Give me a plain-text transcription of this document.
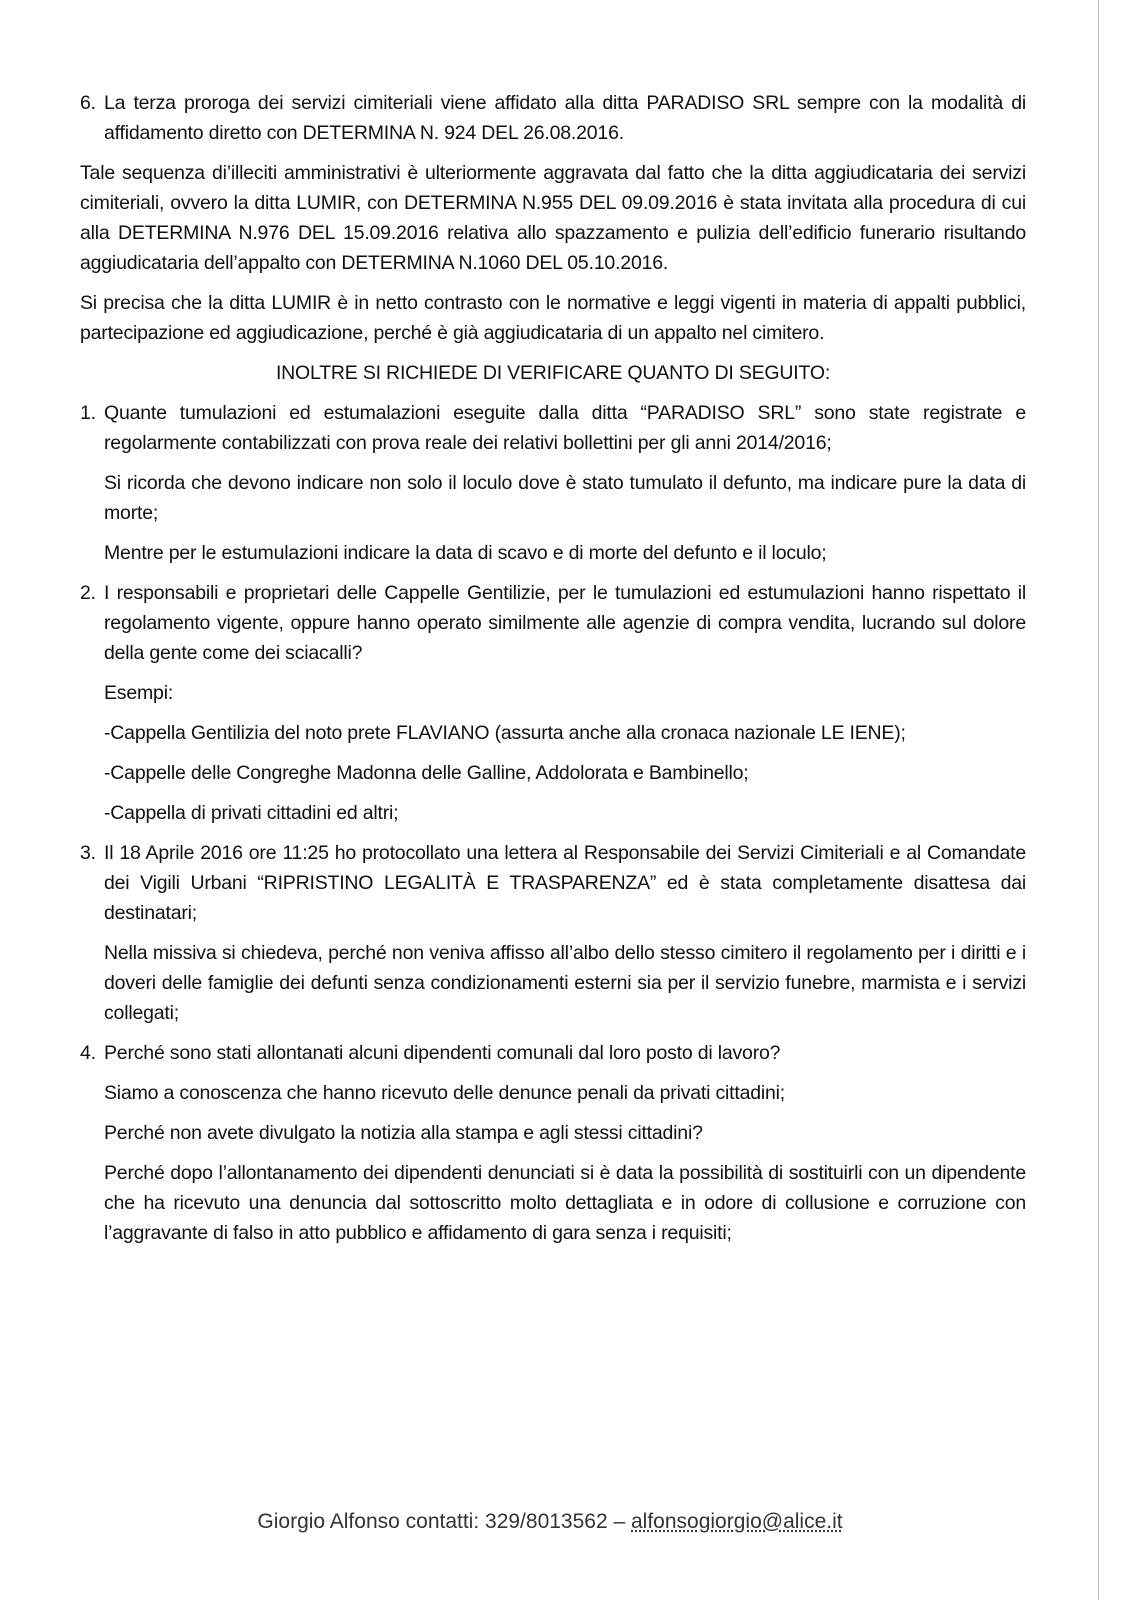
6. La terza proroga dei servizi cimiteriali viene affidato alla ditta PARADISO SRL sempre con la modalità di affidamento diretto con DETERMINA N. 924 DEL 26.08.2016.

Tale sequenza di’illeciti amministrativi è ulteriormente aggravata dal fatto che la ditta aggiudicataria dei servizi cimiteriali, ovvero la ditta LUMIR, con DETERMINA N.955 DEL 09.09.2016 è stata invitata alla procedura di cui alla DETERMINA N.976 DEL 15.09.2016 relativa allo spazzamento e pulizia dell’edificio funerario risultando aggiudicataria dell’appalto con DETERMINA N.1060 DEL 05.10.2016.

Si precisa che la ditta LUMIR è in netto contrasto con le normative e leggi vigenti in materia di appalti pubblici, partecipazione ed aggiudicazione, perché è già aggiudicataria di un appalto nel cimitero.

INOLTRE SI RICHIEDE DI VERIFICARE QUANTO DI SEGUITO:

1. Quante tumulazioni ed estumalazioni eseguite dalla ditta “PARADISO SRL” sono state registrate e regolarmente contabilizzati con prova reale dei relativi bollettini per gli anni 2014/2016;

Si ricorda che devono indicare non solo il loculo dove è stato tumulato il defunto, ma indicare pure la data di morte;

Mentre per le estumulazioni indicare la data di scavo e di morte del defunto e il loculo;

2. I responsabili e proprietari delle Cappelle Gentilizie, per le tumulazioni ed estumulazioni hanno rispettato il regolamento vigente, oppure hanno operato similmente alle agenzie di compra vendita, lucrando sul dolore della gente come dei sciacalli?

Esempi:

-Cappella Gentilizia del noto prete FLAVIANO (assurta anche alla cronaca nazionale LE IENE);

-Cappelle delle Congreghe Madonna delle Galline, Addolorata e Bambinello;

-Cappella di privati cittadini ed altri;

3. Il 18 Aprile 2016 ore 11:25 ho protocollato una lettera al Responsabile dei Servizi Cimiteriali e al Comandate dei Vigili Urbani “RIPRISTINO LEGALITÀ E TRASPARENZA” ed è stata completamente disattesa dai destinatari;

Nella missiva si chiedeva, perché non veniva affisso all’albo dello stesso cimitero il regolamento per i diritti e i doveri delle famiglie dei defunti senza condizionamenti esterni sia per il servizio funebre, marmista e i servizi collegati;

4. Perché sono stati allontanati alcuni dipendenti comunali dal loro posto di lavoro?

Siamo a conoscenza che hanno ricevuto delle denunce penali da privati cittadini;

Perché non avete divulgato la notizia alla stampa e agli stessi cittadini?

Perché dopo l’allontanamento dei dipendenti denunciati si è data la possibilità di sostituirli con un dipendente che ha ricevuto una denuncia dal sottoscritto molto dettagliata e in odore di collusione e corruzione con l’aggravante di falso in atto pubblico e affidamento di gara senza i requisiti;

Giorgio Alfonso contatti: 329/8013562 – alfonsogiorgio@alice.it
